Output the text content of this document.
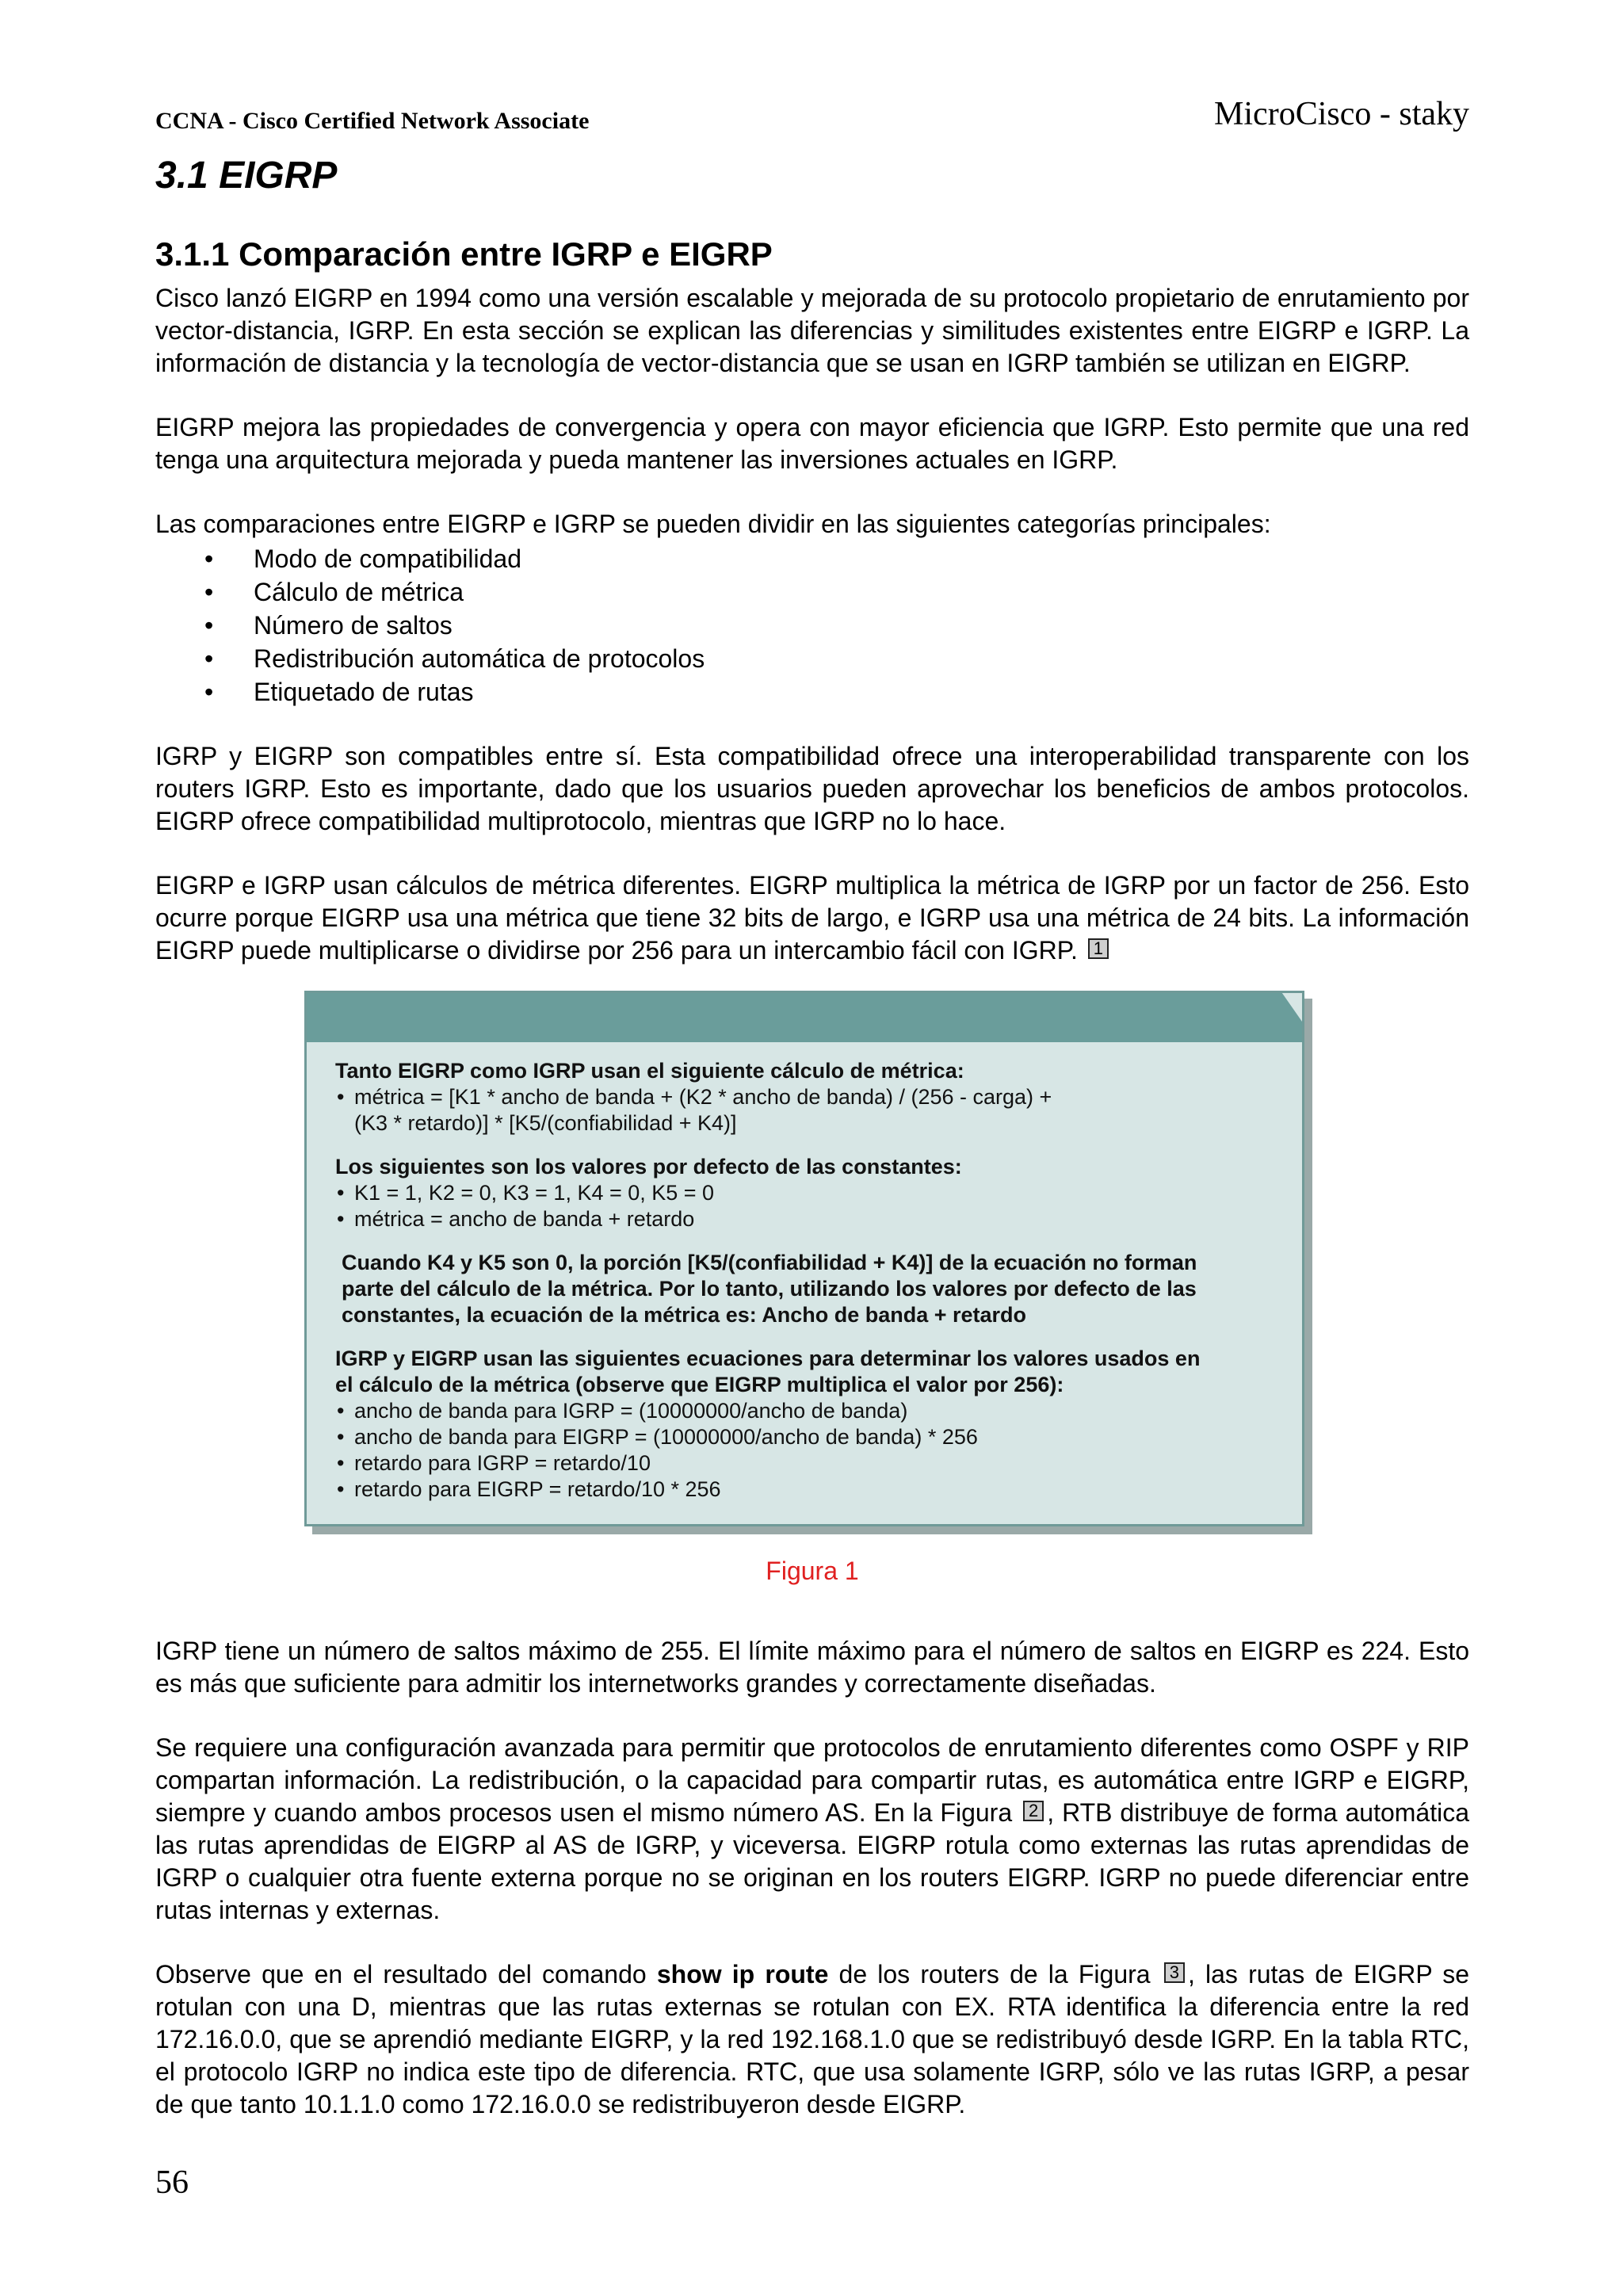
CCNA - Cisco Certified Network Associate	MicroCisco - staky
3.1 EIGRP
3.1.1 Comparación entre IGRP e EIGRP

Cisco lanzó EIGRP en 1994 como una versión escalable y mejorada de su protocolo propietario de enrutamiento por vector-distancia, IGRP. En esta sección se explican las diferencias y similitudes existentes entre EIGRP e IGRP. La información de distancia y la tecnología de vector-distancia que se usan en IGRP también se utilizan en EIGRP.

EIGRP mejora las propiedades de convergencia y opera con mayor eficiencia que IGRP. Esto permite que una red tenga una arquitectura mejorada y pueda mantener las inversiones actuales en IGRP.

Las comparaciones entre EIGRP e IGRP se pueden dividir en las siguientes categorías principales:

• Modo de compatibilidad
• Cálculo de métrica
• Número de saltos
• Redistribución automática de protocolos
• Etiquetado de rutas

IGRP y EIGRP son compatibles entre sí. Esta compatibilidad ofrece una interoperabilidad transparente con los routers IGRP. Esto es importante, dado que los usuarios pueden aprovechar los beneficios de ambos protocolos. EIGRP ofrece compatibilidad multiprotocolo, mientras que IGRP no lo hace.

EIGRP e IGRP usan cálculos de métrica diferentes. EIGRP multiplica la métrica de IGRP por un factor de 256. Esto ocurre porque EIGRP usa una métrica que tiene 32 bits de largo, e IGRP usa una métrica de 24 bits. La información EIGRP puede multiplicarse o dividirse por 256 para un intercambio fácil con IGRP. 1

Tanto EIGRP como IGRP usan el siguiente cálculo de métrica:
• métrica = [K1 * ancho de banda + (K2 * ancho de banda) / (256 - carga) +
(K3 * retardo)] * [K5/(confiabilidad + K4)]
Los siguientes son los valores por defecto de las constantes:
• K1 = 1, K2 = 0, K3 = 1, K4 = 0, K5 = 0
• métrica = ancho de banda + retardo
Cuando K4 y K5 son 0, la porción [K5/(confiabilidad + K4)] de la ecuación no forman
parte del cálculo de la métrica. Por lo tanto, utilizando los valores por defecto de las
constantes, la ecuación de la métrica es: Ancho de banda + retardo
IGRP y EIGRP usan las siguientes ecuaciones para determinar los valores usados en
el cálculo de la métrica (observe que EIGRP multiplica el valor por 256):
• ancho de banda para IGRP = (10000000/ancho de banda)
• ancho de banda para EIGRP = (10000000/ancho de banda) * 256
• retardo para IGRP = retardo/10
• retardo para EIGRP = retardo/10 * 256
Figura 1

IGRP tiene un número de saltos máximo de 255. El límite máximo para el número de saltos en EIGRP es 224. Esto es más que suficiente para admitir los internetworks grandes y correctamente diseñadas.

Se requiere una configuración avanzada para permitir que protocolos de enrutamiento diferentes como OSPF y RIP compartan información. La redistribución, o la capacidad para compartir rutas, es automática entre IGRP e EIGRP, siempre y cuando ambos procesos usen el mismo número AS. En la Figura 2 , RTB distribuye de forma automática las rutas aprendidas de EIGRP al AS de IGRP, y viceversa. EIGRP rotula como externas las rutas aprendidas de IGRP o cualquier otra fuente externa porque no se originan en los routers EIGRP. IGRP no puede diferenciar entre rutas internas y externas.

Observe que en el resultado del comando show ip route de los routers de la Figura 3 , las rutas de EIGRP se rotulan con una D, mientras que las rutas externas se rotulan con EX. RTA identifica la diferencia entre la red 172.16.0.0, que se aprendió mediante EIGRP, y la red 192.168.1.0 que se redistribuyó desde IGRP. En la tabla RTC, el protocolo IGRP no indica este tipo de diferencia. RTC, que usa solamente IGRP, sólo ve las rutas IGRP, a pesar de que tanto 10.1.1.0 como 172.16.0.0 se redistribuyeron desde EIGRP.

56
